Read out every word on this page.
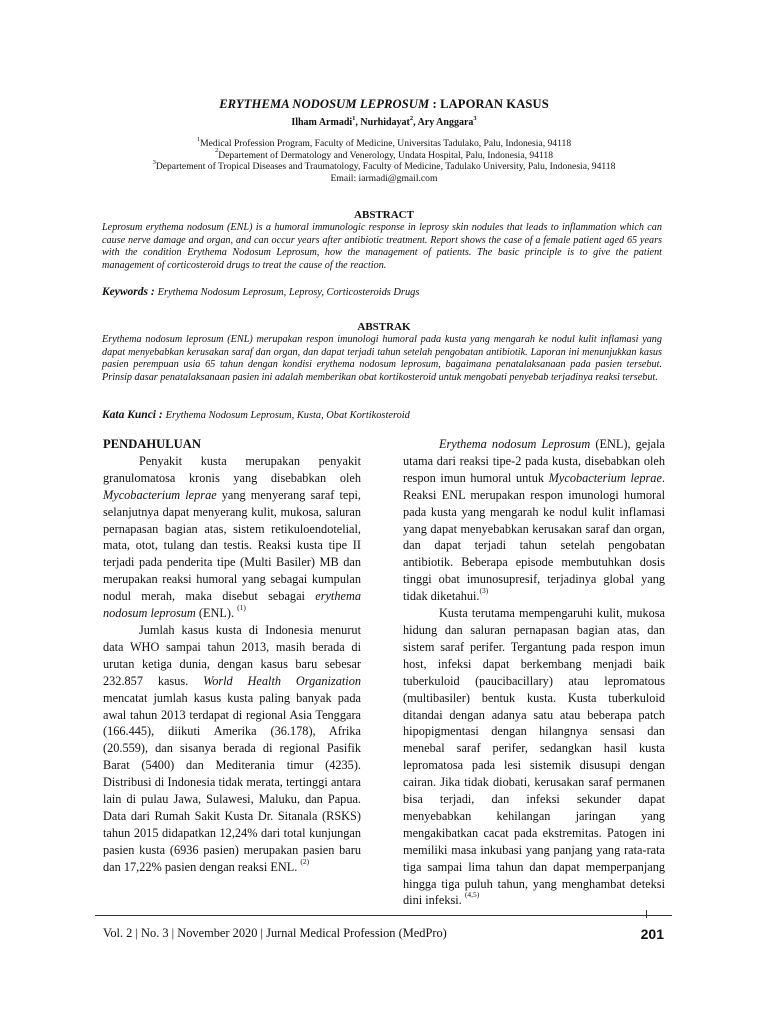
ERYTHEMA NODOSUM LEPROSUM : LAPORAN KASUS
Ilham Armadi$^1$, Nurhidayat$^2$, Ary Anggara$^3$
$^1$Medical Profession Program, Faculty of Medicine, Universitas Tadulako, Palu, Indonesia, 94118
$^2$Departement of Dermatology and Venerology, Undata Hospital, Palu, Indonesia, 94118
$^3$Departement of Tropical Diseases and Traumatology, Faculty of Medicine, Tadulako University, Palu, Indonesia, 94118
Email: iarmadi@gmail.com
ABSTRACT
Leprosum erythema nodosum (ENL) is a humoral immunologic response in leprosy skin nodules that leads to inflammation which can cause nerve damage and organ, and can occur years after antibiotic treatment. Report shows the case of a female patient aged 65 years with the condition Erythema Nodosum Leprosum, how the management of patients. The basic principle is to give the patient management of corticosteroid drugs to treat the cause of the reaction.
Keywords : Erythema Nodosum Leprosum, Leprosy, Corticosteroids Drugs
ABSTRAK
Erythema nodosum leprosum (ENL) merupakan respon imunologi humoral pada kusta yang mengarah ke nodul kulit inflamasi yang dapat menyebabkan kerusakan saraf dan organ, dan dapat terjadi tahun setelah pengobatan antibiotik. Laporan ini menunjukkan kasus pasien perempuan usia 65 tahun dengan kondisi erythema nodosum leprosum, bagaimana penatalaksanaan pada pasien tersebut. Prinsip dasar penatalaksanaan pasien ini adalah memberikan obat kortikosteroid untuk mengobati penyebab terjadinya reaksi tersebut.
Kata Kunci : Erythema Nodosum Leprosum, Kusta, Obat Kortikosteroid

PENDAHULUAN

Penyakit kusta merupakan penyakit granulomatosa kronis yang disebabkan oleh Mycobacterium leprae yang menyerang saraf tepi, selanjutnya dapat menyerang kulit, mukosa, saluran pernapasan bagian atas, sistem retikuloendotelial, mata, otot, tulang dan testis. Reaksi kusta tipe II terjadi pada penderita tipe (Multi Basiler) MB dan merupakan reaksi humoral yang sebagai kumpulan nodul merah, maka disebut sebagai erythema nodosum leprosum (ENL). $^{(1)}$

Jumlah kasus kusta di Indonesia menurut data WHO sampai tahun 2013, masih berada di urutan ketiga dunia, dengan kasus baru sebesar 232.857 kasus. World Health Organization mencatat jumlah kasus kusta paling banyak pada awal tahun 2013 terdapat di regional Asia Tenggara (166.445), diikuti Amerika (36.178), Afrika (20.559), dan sisanya berada di regional Pasifik Barat (5400) dan Mediterania timur (4235). Distribusi di Indonesia tidak merata, tertinggi antara lain di pulau Jawa, Sulawesi, Maluku, dan Papua. Data dari Rumah Sakit Kusta Dr. Sitanala (RSKS) tahun 2015 didapatkan 12,24% dari total kunjungan pasien kusta (6936 pasien) merupakan pasien baru dan 17,22% pasien dengan reaksi ENL. $^{(2)}$

Erythema nodosum Leprosum (ENL), gejala utama dari reaksi tipe-2 pada kusta, disebabkan oleh respon imun humoral untuk Mycobacterium leprae. Reaksi ENL merupakan respon imunologi humoral pada kusta yang mengarah ke nodul kulit inflamasi yang dapat menyebabkan kerusakan saraf dan organ, dan dapat terjadi tahun setelah pengobatan antibiotik. Beberapa episode membutuhkan dosis tinggi obat imunosupresif, terjadinya global yang tidak diketahui.$^{(3)}$

Kusta terutama mempengaruhi kulit, mukosa hidung dan saluran pernapasan bagian atas, dan sistem saraf perifer. Tergantung pada respon imun host, infeksi dapat berkembang menjadi baik tuberkuloid (paucibacillary) atau lepromatous (multibasiler) bentuk kusta. Kusta tuberkuloid ditandai dengan adanya satu atau beberapa patch hipopigmentasi dengan hilangnya sensasi dan menebal saraf perifer, sedangkan hasil kusta lepromatosa pada lesi sistemik disusupi dengan cairan. Jika tidak diobati, kerusakan saraf permanen bisa terjadi, dan infeksi sekunder dapat menyebabkan kehilangan jaringan yang mengakibatkan cacat pada ekstremitas. Patogen ini memiliki masa inkubasi yang panjang yang rata-rata tiga sampai lima tahun dan dapat memperpanjang hingga tiga puluh tahun, yang menghambat deteksi dini infeksi. $^{(4,5)}$

Vol. 2 | No. 3 | November 2020 | Jurnal Medical Profession (MedPro)	201
